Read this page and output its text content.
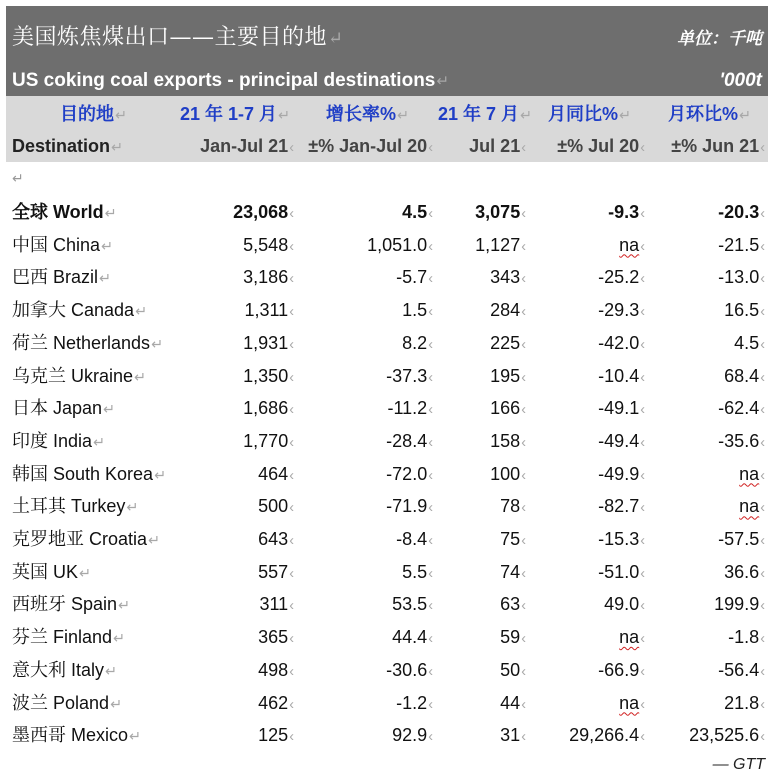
美国炼焦煤出口——主要目的地↵	单位：千吨
US coking coal exports - principal destinations↵	'000t
目的地↵	21 年 1-7 月↵ 增长率%↵ 21 年 7 月↵ 月同比%↵ 月环比%↵
Destination↵	Jan-Jul 21‹ ±% Jan-Jul 20‹ Jul 21‹ ±% Jul 20‹ ±% Jun 21‹
↵
全球 World↵	23,068‹	4.5‹ 3,075‹	-9.3‹	-20.3‹
中国 China↵	5,548‹	1,051.0‹ 1,127‹	na‹	-21.5‹
巴西 Brazil↵	3,186‹	-5.7‹	343‹	-25.2‹	-13.0‹
加拿大 Canada↵	1,311‹	1.5‹	284‹	-29.3‹	16.5‹
荷兰 Netherlands↵	1,931‹	8.2‹	225‹	-42.0‹	4.5‹
乌克兰 Ukraine↵	1,350‹	-37.3‹	195‹	-10.4‹	68.4‹
日本 Japan↵	1,686‹	-11.2‹	166‹	-49.1‹	-62.4‹
印度 India↵	1,770‹	-28.4‹	158‹	-49.4‹	-35.6‹
韩国 South Korea↵	464‹	-72.0‹	100‹	-49.9‹	na‹
土耳其 Turkey↵	500‹	-71.9‹	78‹	-82.7‹	na‹
克罗地亚 Croatia↵	643‹	-8.4‹	75‹	-15.3‹	-57.5‹
英国 UK↵	557‹	5.5‹	74‹	-51.0‹	36.6‹
西班牙 Spain↵	311‹	53.5‹	63‹	49.0‹	199.9‹
芬兰 Finland↵	365‹	44.4‹	59‹	na‹	-1.8‹
意大利 Italy↵	498‹	-30.6‹	50‹	-66.9‹	-56.4‹
波兰 Poland↵	462‹	-1.2‹	44‹	na‹	21.8‹
墨西哥 Mexico↵	125‹	92.9‹	31‹ 29,266.4‹ 23,525.6‹
— GTT
